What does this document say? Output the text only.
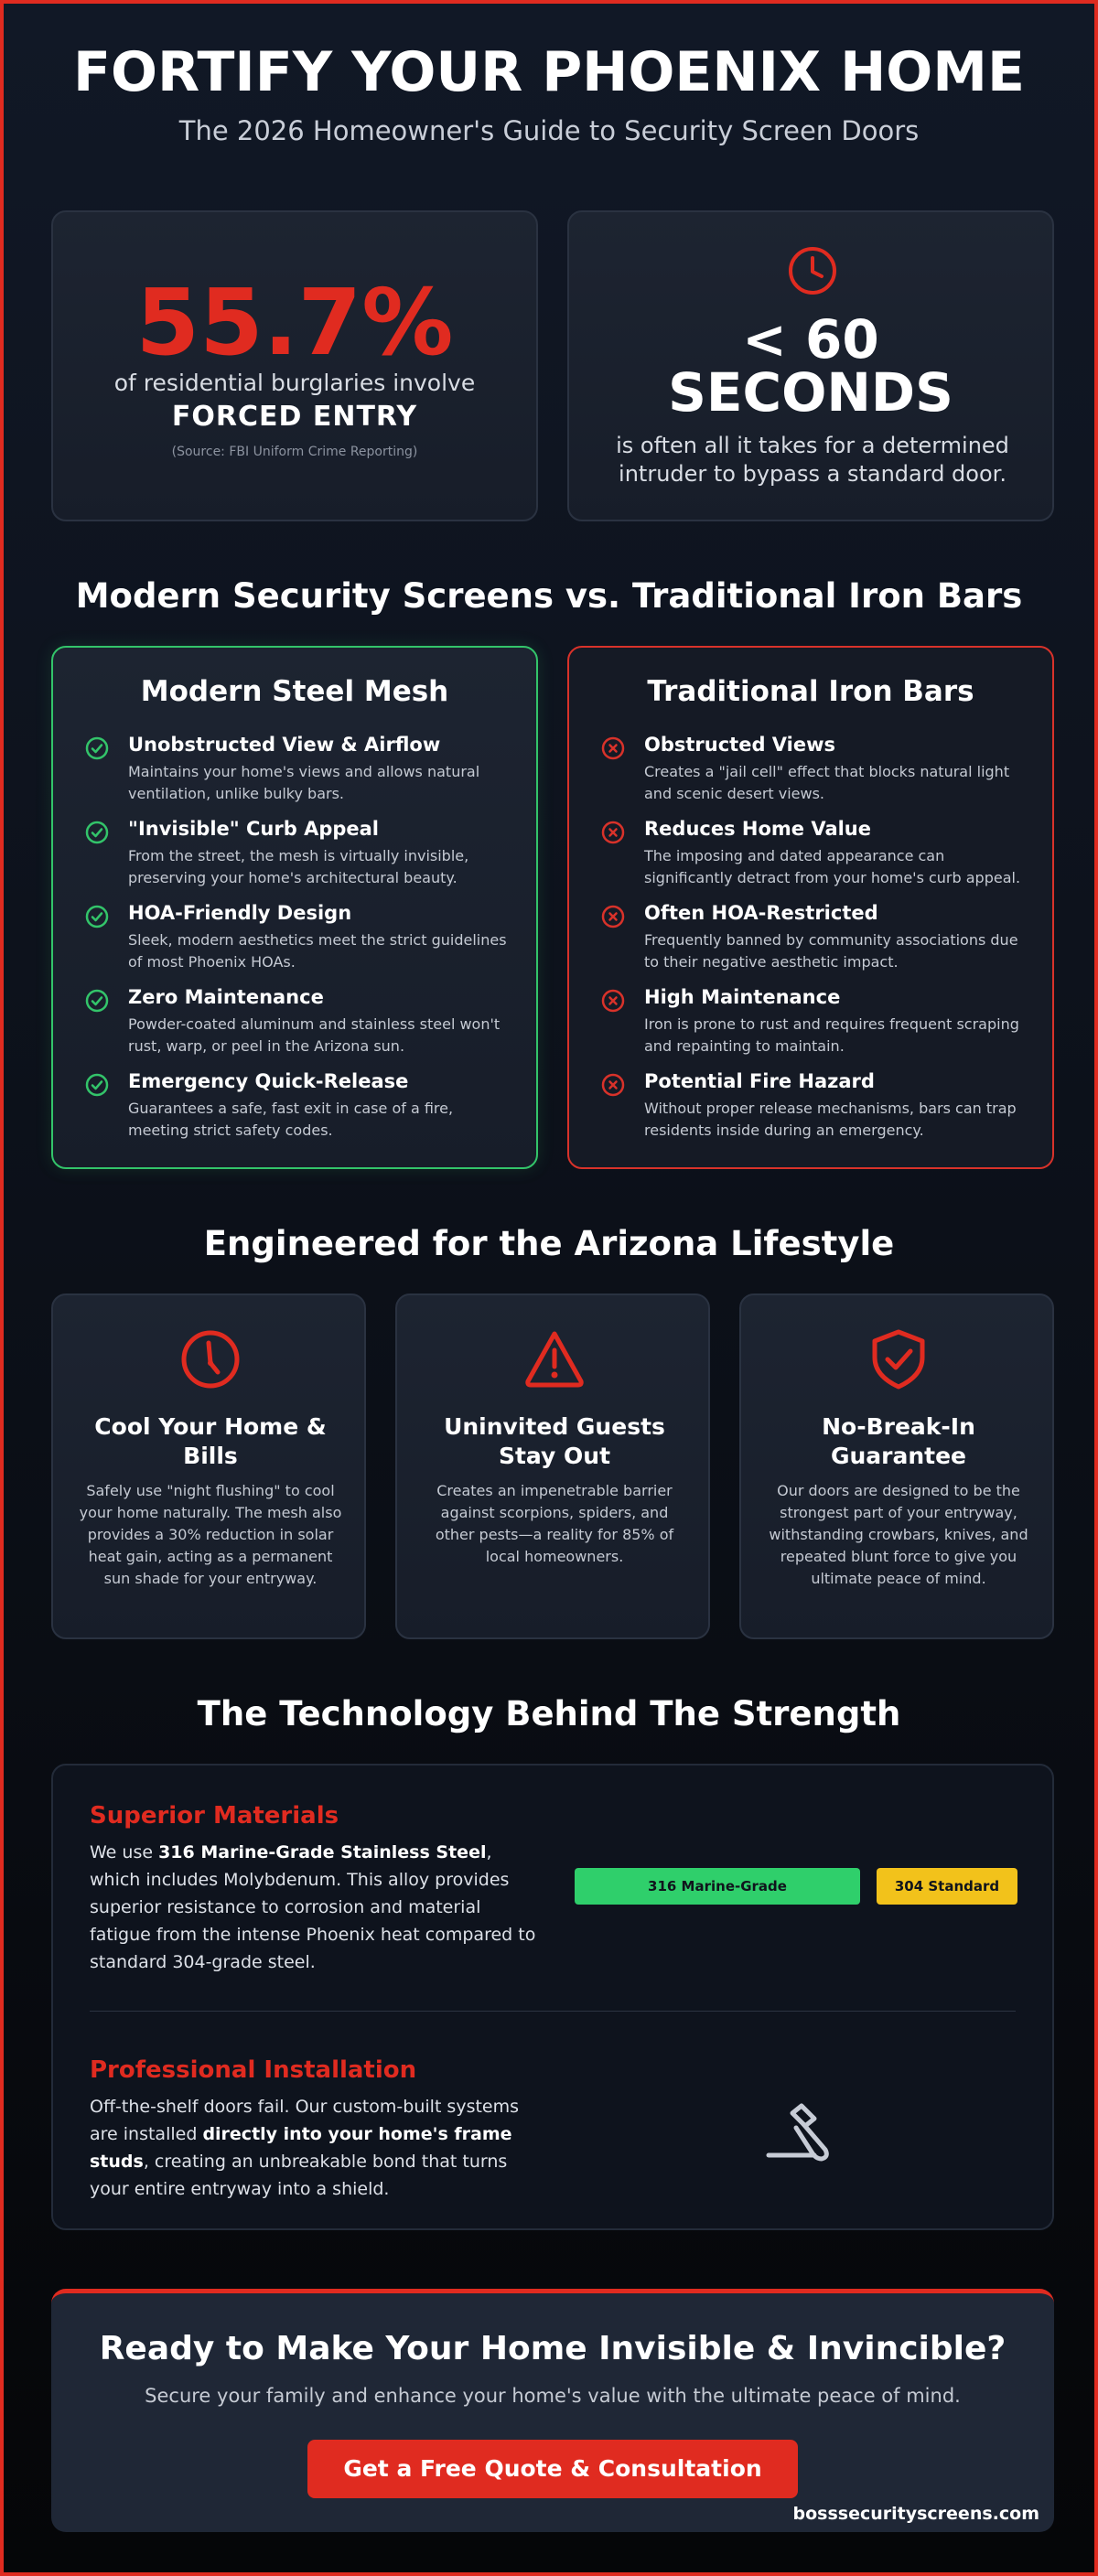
FORTIFY YOUR PHOENIX HOME
The 2026 Homeowner's Guide to Security Screen Doors
55.7%
of residential burglaries involve
FORCED ENTRY
(Source: FBI Uniform Crime Reporting)
< 60
SECONDS
is often all it takes for a determined intruder to bypass a standard door.
Modern Security Screens vs. Traditional Iron Bars
Modern Steel Mesh
Unobstructed View & Airflow
Maintains your home's views and allows natural ventilation, unlike bulky bars.
"Invisible" Curb Appeal
From the street, the mesh is virtually invisible, preserving your home's architectural beauty.
HOA-Friendly Design
Sleek, modern aesthetics meet the strict guidelines of most Phoenix HOAs.
Zero Maintenance
Powder-coated aluminum and stainless steel won't rust, warp, or peel in the Arizona sun.
Emergency Quick-Release
Guarantees a safe, fast exit in case of a fire, meeting strict safety codes.
Traditional Iron Bars
Obstructed Views
Creates a "jail cell" effect that blocks natural light and scenic desert views.
Reduces Home Value
The imposing and dated appearance can significantly detract from your home's curb appeal.
Often HOA-Restricted
Frequently banned by community associations due to their negative aesthetic impact.
High Maintenance
Iron is prone to rust and requires frequent scraping and repainting to maintain.
Potential Fire Hazard
Without proper release mechanisms, bars can trap residents inside during an emergency.
Engineered for the Arizona Lifestyle
Cool Your Home & Bills
Safely use "night flushing" to cool your home naturally. The mesh also provides a 30% reduction in solar heat gain, acting as a permanent sun shade for your entryway.
Uninvited Guests Stay Out
Creates an impenetrable barrier against scorpions, spiders, and other pests—a reality for 85% of local homeowners.
No-Break-In Guarantee
Our doors are designed to be the strongest part of your entryway, withstanding crowbars, knives, and repeated blunt force to give you ultimate peace of mind.
The Technology Behind The Strength
Superior Materials
We use 316 Marine-Grade Stainless Steel, which includes Molybdenum. This alloy provides superior resistance to corrosion and material fatigue from the intense Phoenix heat compared to standard 304-grade steel.
316 Marine-Grade	304 Standard
Professional Installation
Off-the-shelf doors fail. Our custom-built systems are installed directly into your home's frame studs, creating an unbreakable bond that turns your entire entryway into a shield.
Ready to Make Your Home Invisible & Invincible?
Secure your family and enhance your home's value with the ultimate peace of mind.
Get a Free Quote & Consultation
bosssecurityscreens.com
